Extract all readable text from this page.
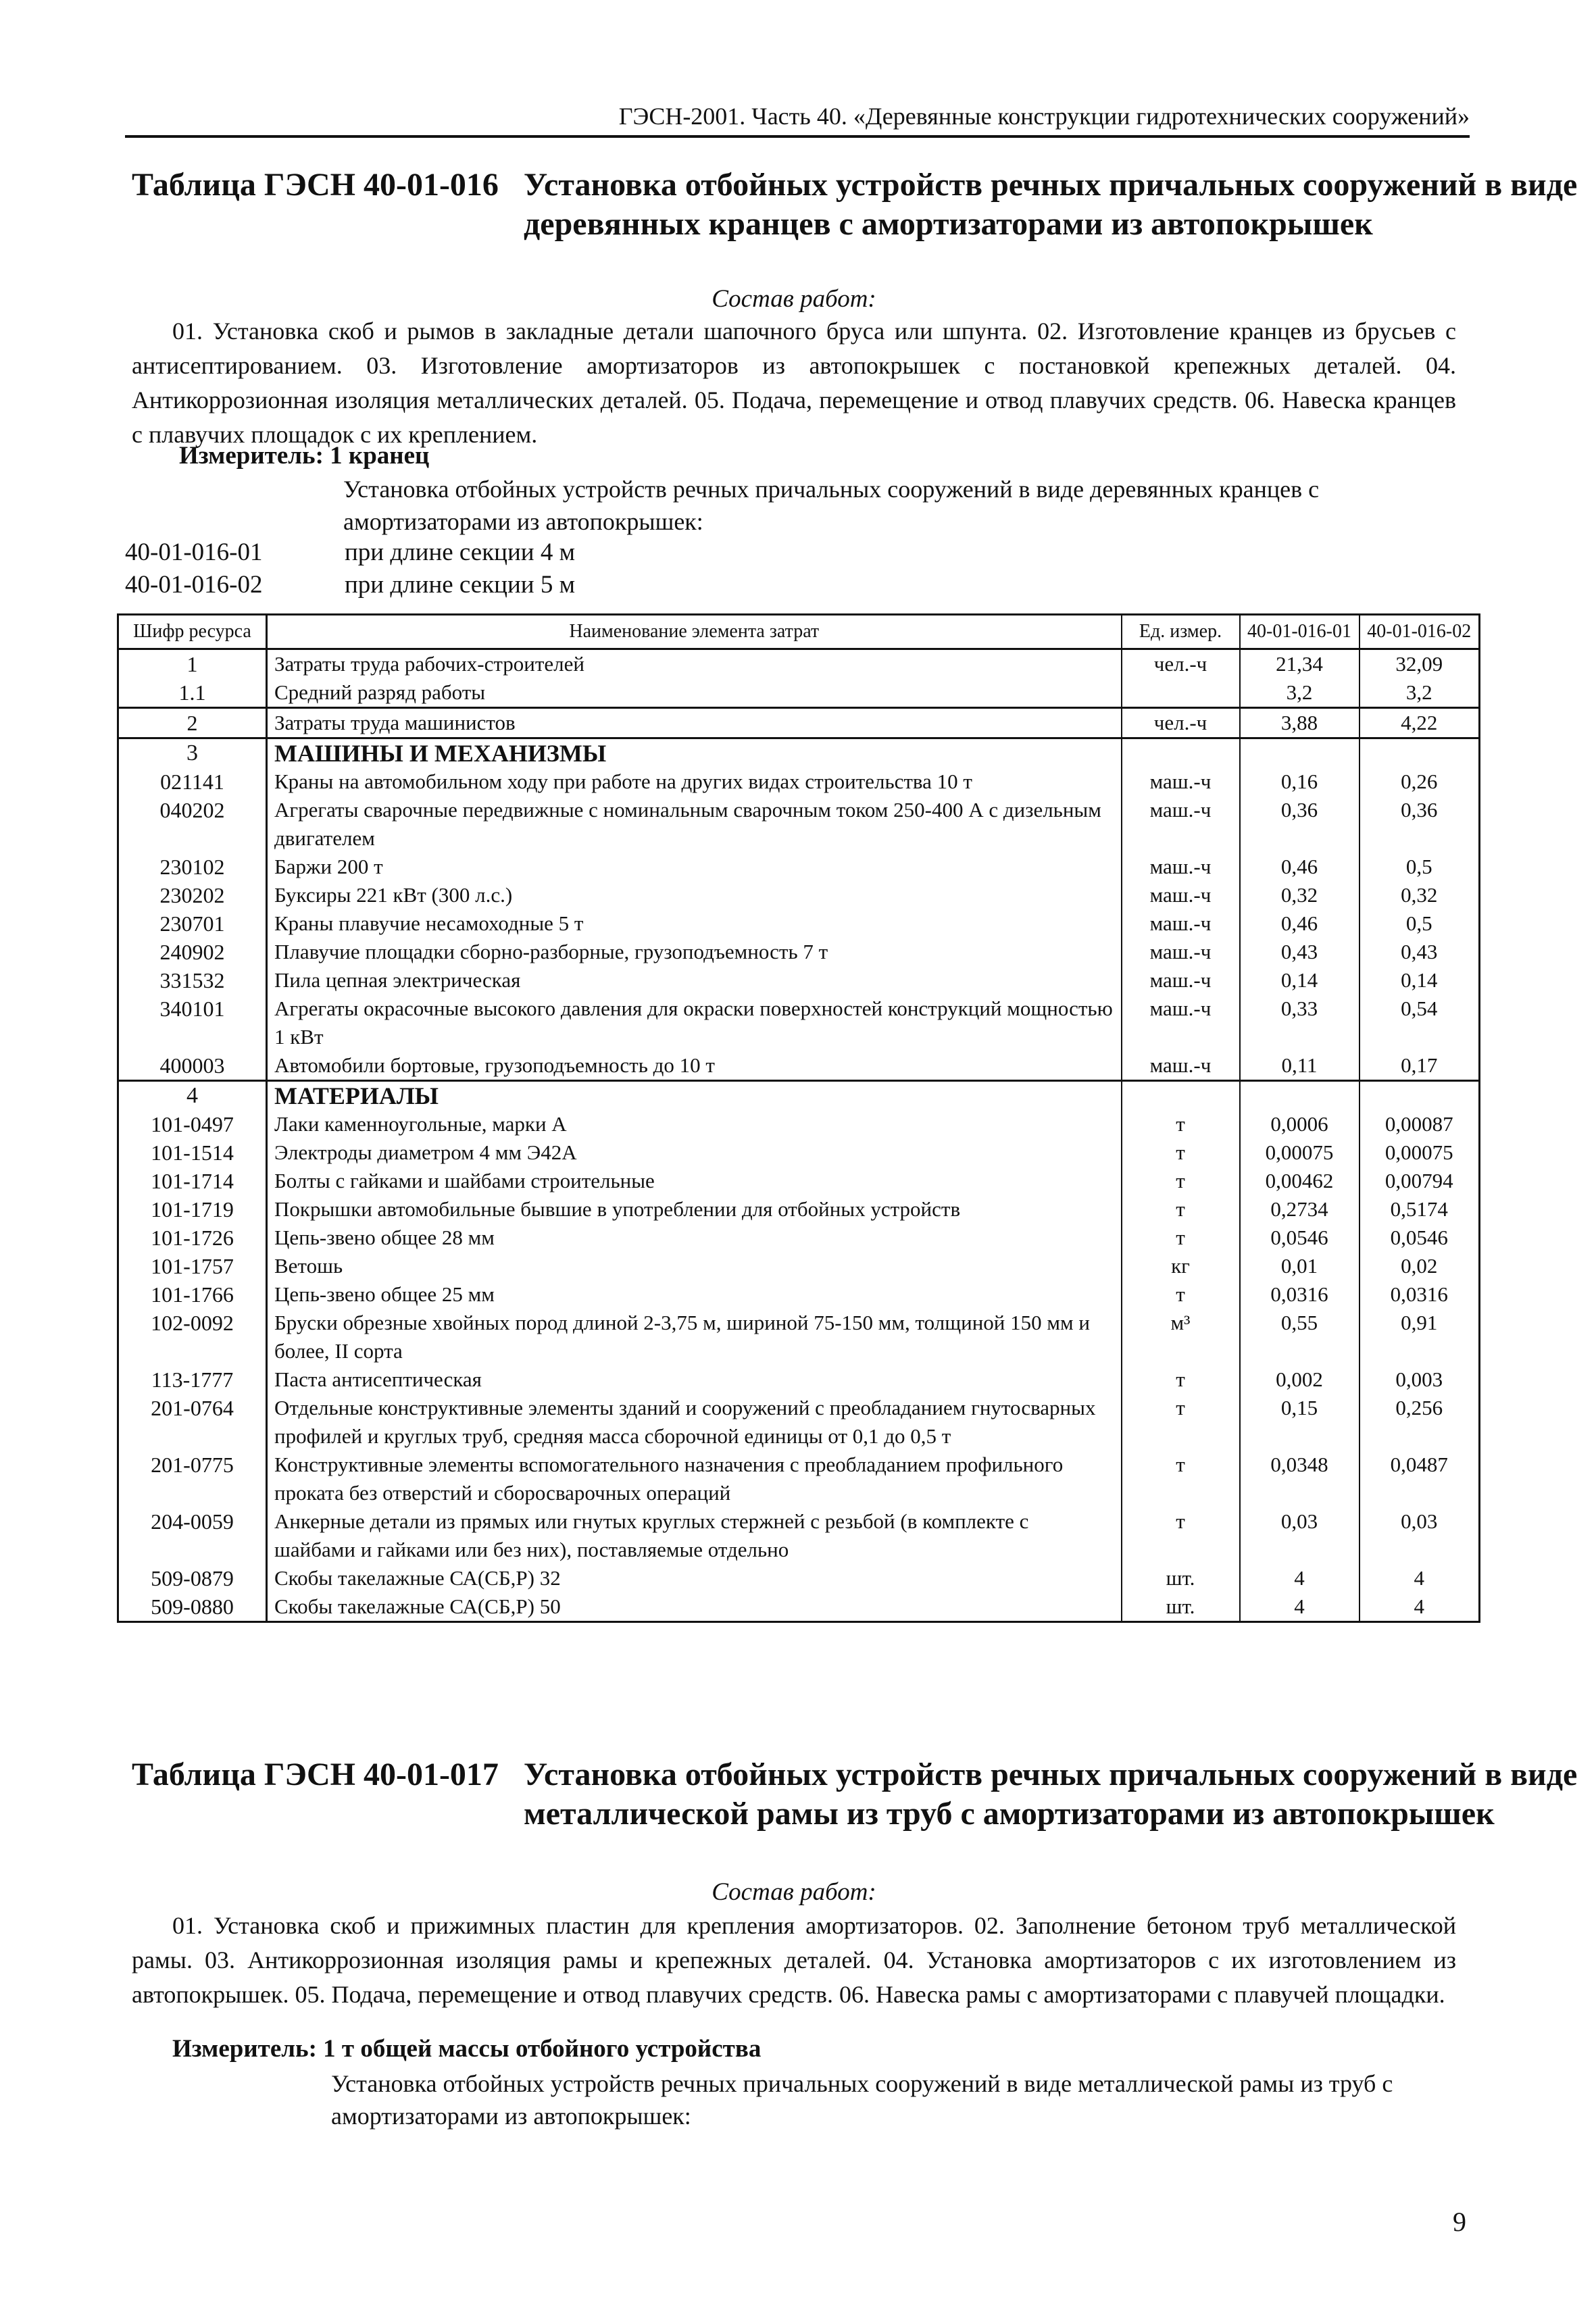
ГЭСН-2001. Часть 40. «Деревянные конструкции гидротехнических сооружений»
Таблица ГЭСН 40-01-016 Установка отбойных устройств речных причальных сооружений в виде деревянных кранцев с амортизаторами из автопокрышек
Состав работ:
01. Установка скоб и рымов в закладные детали шапочного бруса или шпунта. 02. Изготовление кранцев из брусьев с антисептированием. 03. Изготовление амортизаторов из автопокрышек с постановкой крепежных деталей. 04. Антикоррозионная изоляция металлических деталей. 05. Подача, перемещение и отвод плавучих средств. 06. Навеска кранцев с плавучих площадок с их креплением.
Измеритель: 1 кранец
Установка отбойных устройств речных причальных сооружений в виде деревянных кранцев с амортизаторами из автопокрышек:
40-01-016-01	при длине секции 4 м
40-01-016-02	при длине секции 5 м
Шифр ресурса	Наименование элемента затрат	Ед. измер.	40-01-016-01	40-01-016-02
1	Затраты труда рабочих-строителей	чел.-ч	21,34	32,09
1.1	Средний разряд работы		3,2	3,2
2	Затраты труда машинистов	чел.-ч	3,88	4,22
3	МАШИНЫ И МЕХАНИЗМЫ			
021141	Краны на автомобильном ходу при работе на других видах строительства 10 т	маш.-ч	0,16	0,26
040202	Агрегаты сварочные передвижные с номинальным сварочным током 250-400 А с дизельным двигателем	маш.-ч	0,36	0,36
230102	Баржи 200 т	маш.-ч	0,46	0,5
230202	Буксиры 221 кВт (300 л.с.)	маш.-ч	0,32	0,32
230701	Краны плавучие несамоходные 5 т	маш.-ч	0,46	0,5
240902	Плавучие площадки сборно-разборные, грузоподъемность 7 т	маш.-ч	0,43	0,43
331532	Пила цепная электрическая	маш.-ч	0,14	0,14
340101	Агрегаты окрасочные высокого давления для окраски поверхностей конструкций мощностью 1 кВт	маш.-ч	0,33	0,54
400003	Автомобили бортовые, грузоподъемность до 10 т	маш.-ч	0,11	0,17
4	МАТЕРИАЛЫ			
101-0497	Лаки каменноугольные, марки А	т	0,0006	0,00087
101-1514	Электроды диаметром 4 мм Э42А	т	0,00075	0,00075
101-1714	Болты с гайками и шайбами строительные	т	0,00462	0,00794
101-1719	Покрышки автомобильные бывшие в употреблении для отбойных устройств	т	0,2734	0,5174
101-1726	Цепь-звено общее 28 мм	т	0,0546	0,0546
101-1757	Ветошь	кг	0,01	0,02
101-1766	Цепь-звено общее 25 мм	т	0,0316	0,0316
102-0092	Бруски обрезные хвойных пород длиной 2-3,75 м, шириной 75-150 мм, толщиной 150 мм и более, II сорта	м³	0,55	0,91
113-1777	Паста антисептическая	т	0,002	0,003
201-0764	Отдельные конструктивные элементы зданий и сооружений с преобладанием гнутосварных профилей и круглых труб, средняя масса сборочной единицы от 0,1 до 0,5 т	т	0,15	0,256
201-0775	Конструктивные элементы вспомогательного назначения с преобладанием профильного проката без отверстий и сборосварочных операций	т	0,0348	0,0487
204-0059	Анкерные детали из прямых или гнутых круглых стержней с резьбой (в комплекте с шайбами и гайками или без них), поставляемые отдельно	т	0,03	0,03
509-0879	Скобы такелажные СА(СБ,Р) 32	шт.	4	4
509-0880	Скобы такелажные СА(СБ,Р) 50	шт.	4	4
Таблица ГЭСН 40-01-017 Установка отбойных устройств речных причальных сооружений в виде металлической рамы из труб с амортизаторами из автопокрышек
Состав работ:
01. Установка скоб и прижимных пластин для крепления амортизаторов. 02. Заполнение бетоном труб металлической рамы. 03. Антикоррозионная изоляция рамы и крепежных деталей. 04. Установка амортизаторов с их изготовлением из автопокрышек. 05. Подача, перемещение и отвод плавучих средств. 06. Навеска рамы с амортизаторами с плавучей площадки.
Измеритель: 1 т общей массы отбойного устройства
Установка отбойных устройств речных причальных сооружений в виде металлической рамы из труб с амортизаторами из автопокрышек:
9
